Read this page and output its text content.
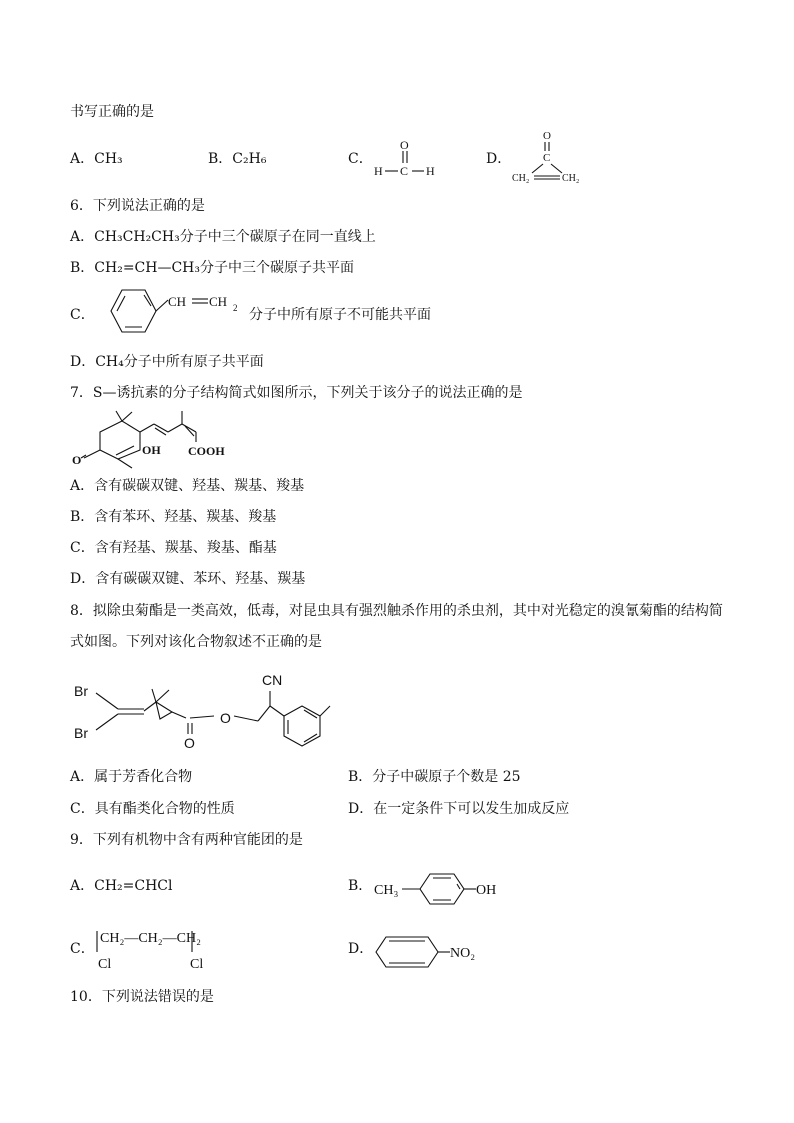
书写正确的是
A．CH₃	B．C₂H₆	C．
O
H C H
D．
O
C
CH₂	CH₂
6．下列说法正确的是
A．CH₃CH₂CH₃分子中三个碳原子在同一直线上
B．CH₂=CH—CH₃分子中三个碳原子共平面
C．
CH CH 2 分子中所有原子不可能共平面
D．CH₄分子中所有原子共平面
7．S—诱抗素的分子结构简式如图所示，下列关于该分子的说法正确的是
O
OH COOH
A．含有碳碳双键、羟基、羰基、羧基
B．含有苯环、羟基、羰基、羧基
C．含有羟基、羰基、羧基、酯基
D．含有碳碳双键、苯环、羟基、羰基
8．拟除虫菊酯是一类高效，低毒，对昆虫具有强烈触杀作用的杀虫剂，其中对光稳定的溴氰菊酯的结构简
式如图。下列对该化合物叙述不正确的是
Br
Br
O
O
CN
A．属于芳香化合物	B．分子中碳原子个数是 25
C．具有酯类化合物的性质	D．在一定条件下可以发生加成反应
9．下列有机物中含有两种官能团的是
A．CH₂=CHCl	B． CH₃	OH
C．
CH₂—CH₂—CH₂
Cl	Cl
D．	NO₂
10．下列说法错误的是
